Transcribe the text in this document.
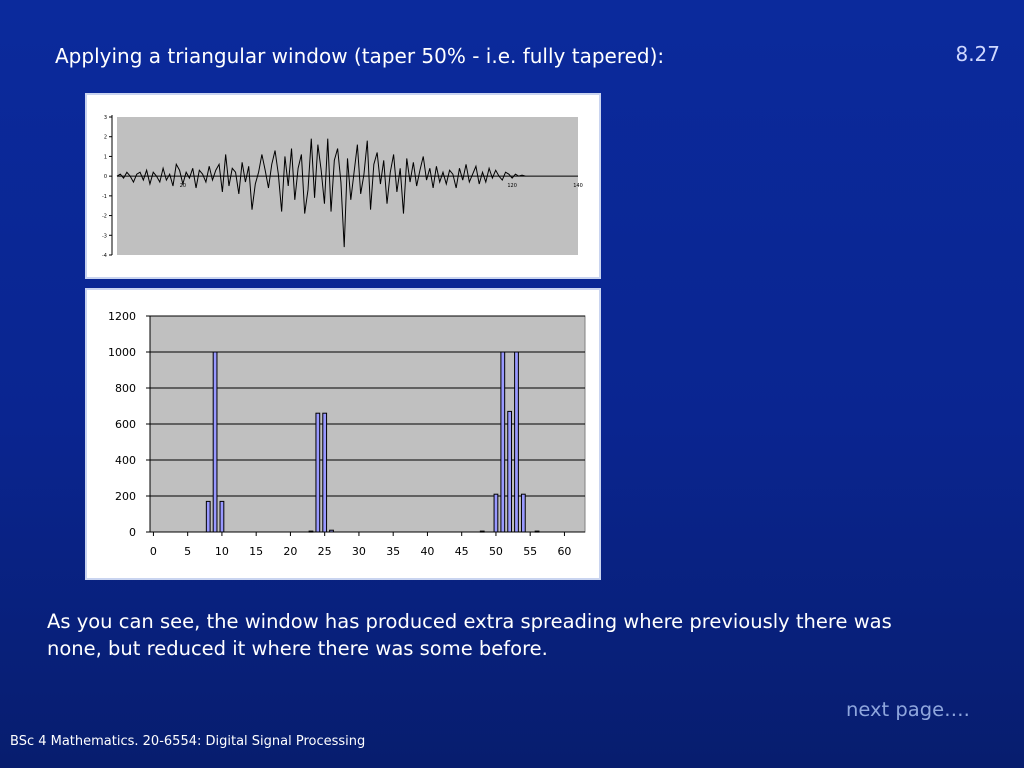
Applying a triangular window (taper 50% - i.e. fully tapered):	8.27
3
2
1
0
-1
-2
-3
-4
20	120	140
1200
1000
800
600
400
200
0
0 5 10 15 20 25 30 35 40 45 50 55 60
As you can see, the window has produced extra spreading where previously there was none, but reduced it where there was some before.
next page….
BSc 4 Mathematics. 20-6554: Digital Signal Processing
